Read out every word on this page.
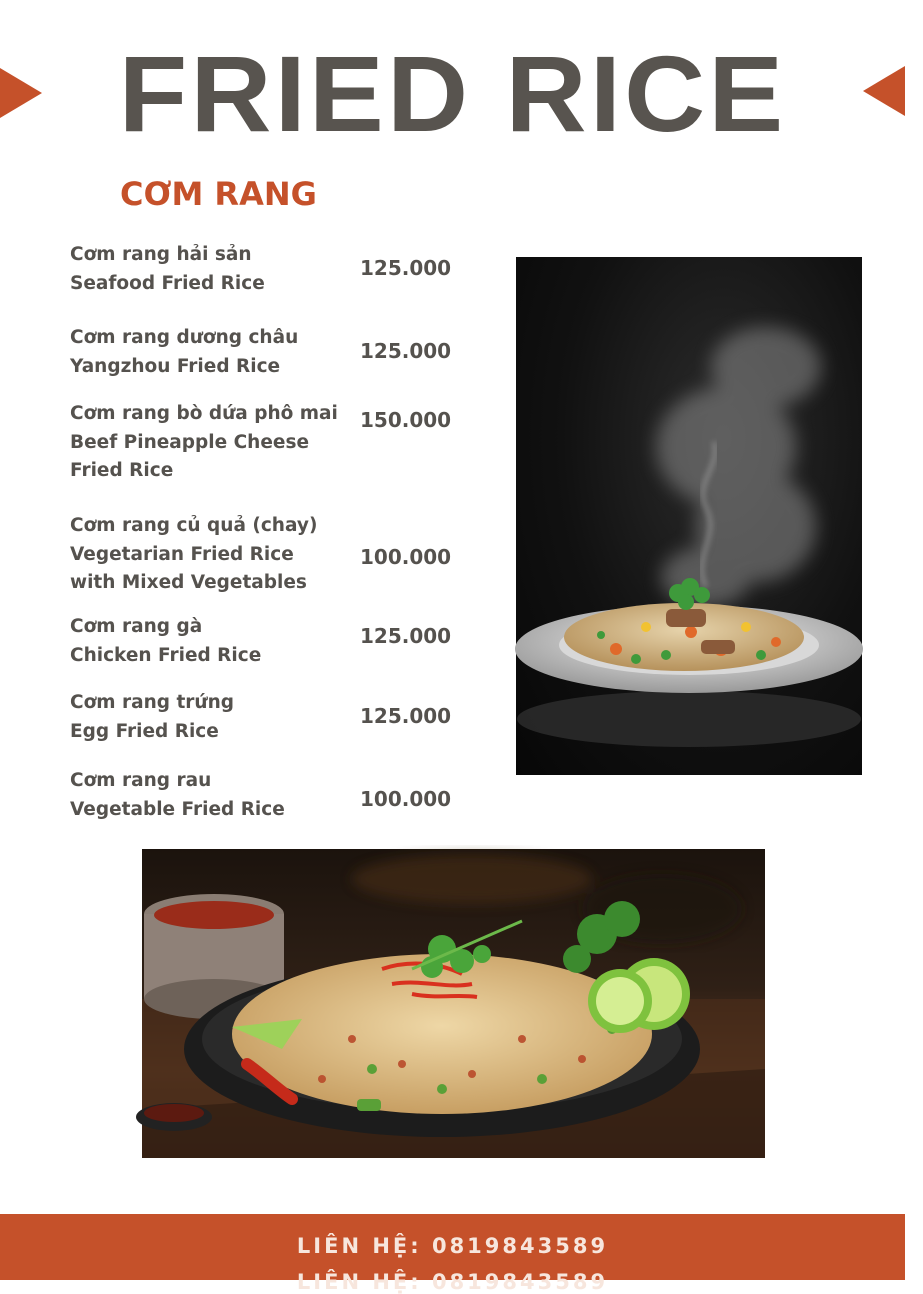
FRIED RICE
CƠM RANG
Cơm rang hải sản
Seafood Fried Rice
125.000
Cơm rang dương châu
Yangzhou Fried Rice
125.000
Cơm rang bò dứa phô mai
Beef Pineapple Cheese Fried Rice
150.000
Cơm rang củ quả (chay)
Vegetarian Fried Rice with Mixed Vegetables
100.000
Cơm rang gà
Chicken Fried Rice
125.000
Cơm rang trứng
Egg Fried Rice
125.000
Cơm rang rau
Vegetable Fried Rice	100.000
LIÊN HỆ: 0819843589
LIÊN HỆ: 0819843589
